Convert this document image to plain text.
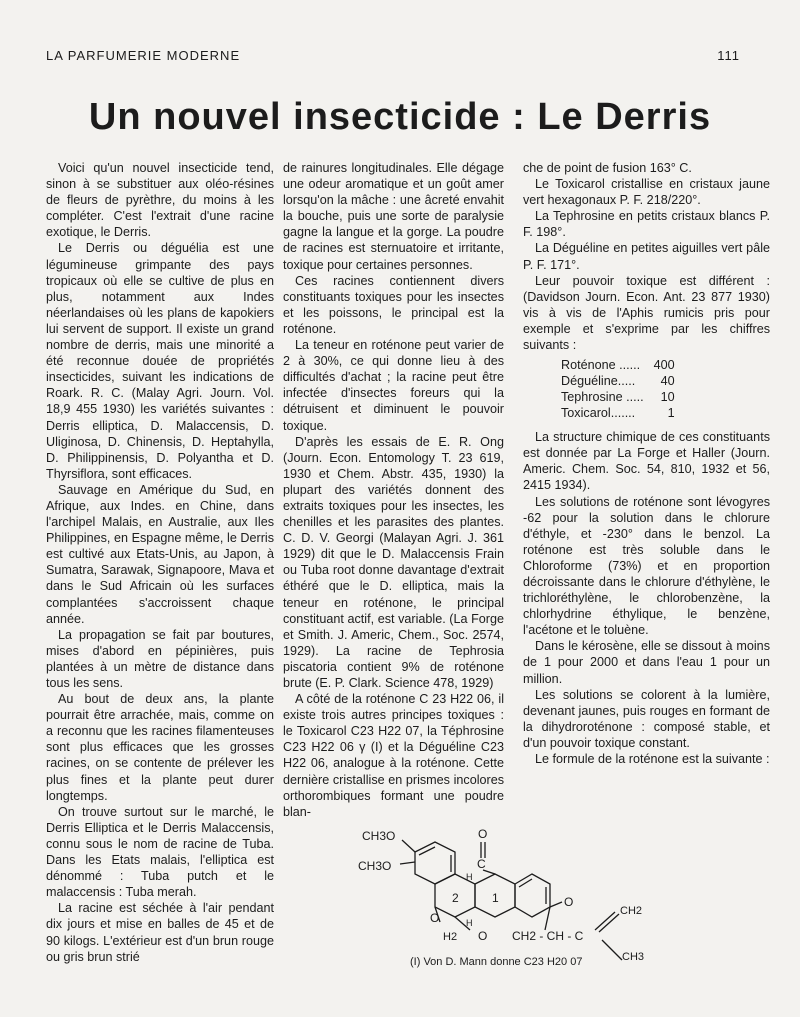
LA PARFUMERIE MODERNE	111
Un nouvel insecticide : Le Derris

Voici qu'un nouvel insecticide tend, sinon à se substituer aux oléo-résines de fleurs de pyrèthre, du moins à les compléter. C'est l'extrait d'une racine exotique, le Derris.

Le Derris ou déguélia est une légumineuse grimpante des pays tropicaux où elle se cultive de plus en plus, notamment aux Indes néerlandaises où les plans de kapokiers lui servent de support. Il existe un grand nombre de derris, mais une minorité a été reconnue douée de propriétés insecticides, suivant les indications de Roark. R. C. (Malay Agri. Journ. Vol. 18,9 455 1930) les variétés suivantes : Derris elliptica, D. Malaccensis, D. Uliginosa, D. Chinensis, D. Heptahylla, D. Philippinensis, D. Polyantha et D. Thyrsiflora, sont efficaces.

Sauvage en Amérique du Sud, en Afrique, aux Indes. en Chine, dans l'archipel Malais, en Australie, aux Iles Philippines, en Espagne même, le Derris est cultivé aux Etats-Unis, au Japon, à Sumatra, Sarawak, Signapoore, Mava et dans le Sud Africain où les surfaces complantées s'accroissent chaque année.

La propagation se fait par boutures, mises d'abord en pépinières, puis plantées à un mètre de distance dans tous les sens.

Au bout de deux ans, la plante pourrait être arrachée, mais, comme on a reconnu que les racines filamenteuses sont plus efficaces que les grosses racines, on se contente de prélever les plus fines et la plante peut durer longtemps.

On trouve surtout sur le marché, le Derris Elliptica et le Derris Malaccensis, connu sous le nom de racine de Tuba. Dans les Etats malais, l'elliptica est dénommé : Tuba putch et le malaccensis : Tuba merah.

La racine est séchée à l'air pendant dix jours et mise en balles de 45 et de 90 kilogs. L'extérieur est d'un brun rouge ou gris brun strié

de rainures longitudinales. Elle dégage une odeur aromatique et un goût amer lorsqu'on la mâche : une âcreté envahit la bouche, puis une sorte de paralysie gagne la langue et la gorge. La poudre de racines est sternuatoire et irritante, toxique pour certaines personnes.

Ces racines contiennent divers constituants toxiques pour les insectes et les poissons, le principal est la roténone.

La teneur en roténone peut varier de 2 à 30%, ce qui donne lieu à des difficultés d'achat ; la racine peut être infectée d'insectes foreurs qui la détruisent et diminuent le pouvoir toxique.

D'après les essais de E. R. Ong (Journ. Econ. Entomology T. 23 619, 1930 et Chem. Abstr. 435, 1930) la plupart des variétés donnent des extraits toxiques pour les insectes, les chenilles et les parasites des plantes. C. D. V. Georgi (Malayan Agri. J. 361 1929) dit que le D. Malaccensis Frain ou Tuba root donne davantage d'extrait éthéré que le D. elliptica, mais la teneur en roténone, le principal constituant actif, est variable. (La Forge et Smith. J. Americ, Chem., Soc. 2574, 1929). La racine de Tephrosia piscatoria contient 9% de roténone brute (E. P. Clark. Science 478, 1929)

A côté de la roténone C 23 H22 06, il existe trois autres principes toxiques : le Toxicarol C23 H22 07, la Téphrosine C23 H22 06 γ (I) et la Déguéline C23 H22 06, analogue à la roténone. Cette dernière cristallise en prismes incolores orthorombiques formant une poudre blan-

che de point de fusion 163° C.

Le Toxicarol cristallise en cristaux jaune vert hexagonaux P. F. 218/220°.

La Tephrosine en petits cristaux blancs P. F. 198°.

La Déguéline en petites aiguilles vert pâle P. F. 171°.

Leur pouvoir toxique est différent : (Davidson Journ. Econ. Ant. 23 877 1930) vis à vis de l'Aphis rumicis pris pour exemple et s'exprime par les chiffres suivants :

Roténone ......	400
Déguéline.....	40
Tephrosine .....	10
Toxicarol.......	1

La structure chimique de ces constituants est donnée par La Forge et Haller (Journ. Americ. Chem. Soc. 54, 810, 1932 et 56, 2415 1934).

Les solutions de roténone sont lévogyres -62 pour la solution dans le chlorure d'éthyle, et -230° dans le benzol. La roténone est très soluble dans le Chloroforme (73%) et en proportion décroissante dans le chlorure d'éthylène, le trichloréthylène, le chlorobenzène, la chlorhydrine éthylique, le benzène, l'acétone et le toluène.

Dans le kérosène, elle se dissout à moins de 1 pour 2000 et dans l'eau 1 pour un million.

Les solutions se colorent à la lumière, devenant jaunes, puis rouges en formant de la dihydroroténone : composé stable, et d'un pouvoir toxique constant.

Le formule de la roténone est la suivante :

CH3O
CH3O
O
C
H
2	1
O
H2
H
O
O
CH2 - CH - C
CH2
CH3
(I) Von D. Mann donne C23 H20 07
